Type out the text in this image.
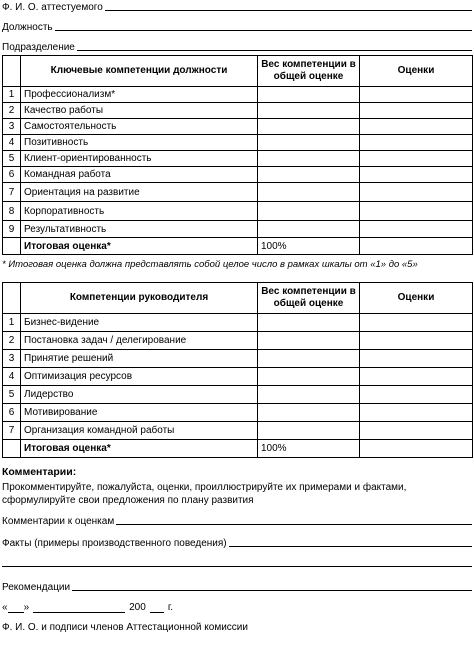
Ф. И. О. аттестуемого
Должность
Подразделение
	Ключевые компетенции должности	Вес компетенции в общей оценке	Оценки
1	Профессионализм*		
2	Качество работы		
3	Самостоятельность		
4	Позитивность		
5	Клиент-ориентированность		
6	Командная работа		
7	Ориентация на развитие		
8	Корпоративность		
9	Результативность		
	Итоговая оценка*	100%	
* Итоговая оценка должна представлять собой целое число в рамках шкалы от «1» до «5»
	Компетенции руководителя	Вес компетенции в общей оценке	Оценки
1	Бизнес-видение		
2	Постановка задач / делегирование		
3	Принятие решений		
4	Оптимизация ресурсов		
5	Лидерство		
6	Мотивирование		
7	Организация командной работы		
	Итоговая оценка*	100%	
Комментарии:
Прокомментируйте, пожалуйста, оценки, проиллюстрируйте их примерами и фактами, сформулируйте свои предложения по плану развития
Комментарии к оценкам
Факты (примеры производственного поведения)
Рекомендации
« »	200 г.
Ф. И. О. и подписи членов Аттестационной комиссии
